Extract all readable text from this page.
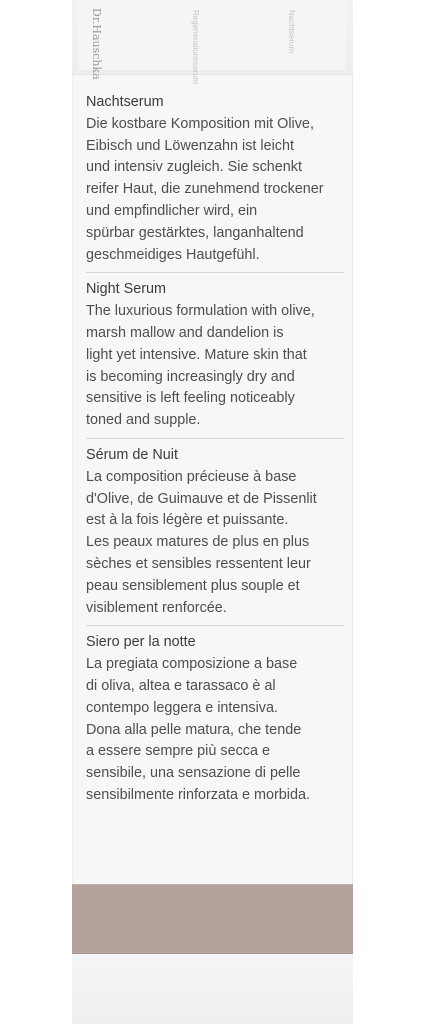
Dr.Hauschka	Regenerationsserum	Nachtserum
Nachtserum
Die kostbare Komposition mit Olive,
Eibisch und Löwenzahn ist leicht
und intensiv zugleich. Sie schenkt
reifer Haut, die zunehmend trockener
und empfindlicher wird, ein
spürbar gestärktes, langanhaltend
geschmeidiges Hautgefühl.
Night Serum
The luxurious formulation with olive,
marsh mallow and dandelion is
light yet intensive. Mature skin that
is becoming increasingly dry and
sensitive is left feeling noticeably
toned and supple.
Sérum de Nuit
La composition précieuse à base
d'Olive, de Guimauve et de Pissenlit
est à la fois légère et puissante.
Les peaux matures de plus en plus
sèches et sensibles ressentent leur
peau sensiblement plus souple et
visiblement renforcée.
Siero per la notte
La pregiata composizione a base
di oliva, altea e tarassaco è al
contempo leggera e intensiva.
Dona alla pelle matura, che tende
a essere sempre più secca e
sensibile, una sensazione di pelle
sensibilmente rinforzata e morbida.
